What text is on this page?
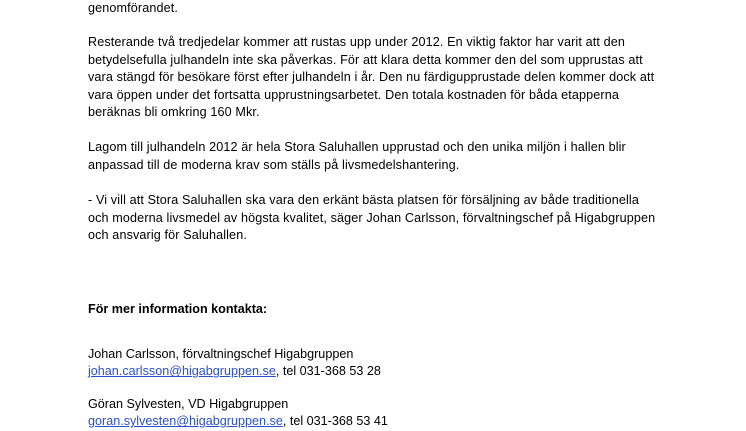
genomförandet.

Resterande två tredjedelar kommer att rustas upp under 2012. En viktig faktor har varit att den betydelsefulla julhandeln inte ska påverkas. För att klara detta kommer den del som upprustas att vara stängd för besökare först efter julhandeln i år. Den nu färdigupprustade delen kommer dock att vara öppen under det fortsatta upprustningsarbetet. Den totala kostnaden för båda etapperna beräknas bli omkring 160 Mkr.

Lagom till julhandeln 2012 är hela Stora Saluhallen upprustad och den unika miljön i hallen blir anpassad till de moderna krav som ställs på livsmedelshantering.

- Vi vill att Stora Saluhallen ska vara den erkänt bästa platsen för försäljning av både traditionella och moderna livsmedel av högsta kvalitet, säger Johan Carlsson, förvaltningschef på Higabgruppen och ansvarig för Saluhallen.

För mer information kontakta:

Johan Carlsson, förvaltningschef Higabgruppen
johan.carlsson@higabgruppen.se, tel 031-368 53 28
Göran Sylvesten, VD Higabgruppen
goran.sylvesten@higabgruppen.se, tel 031-368 53 41
